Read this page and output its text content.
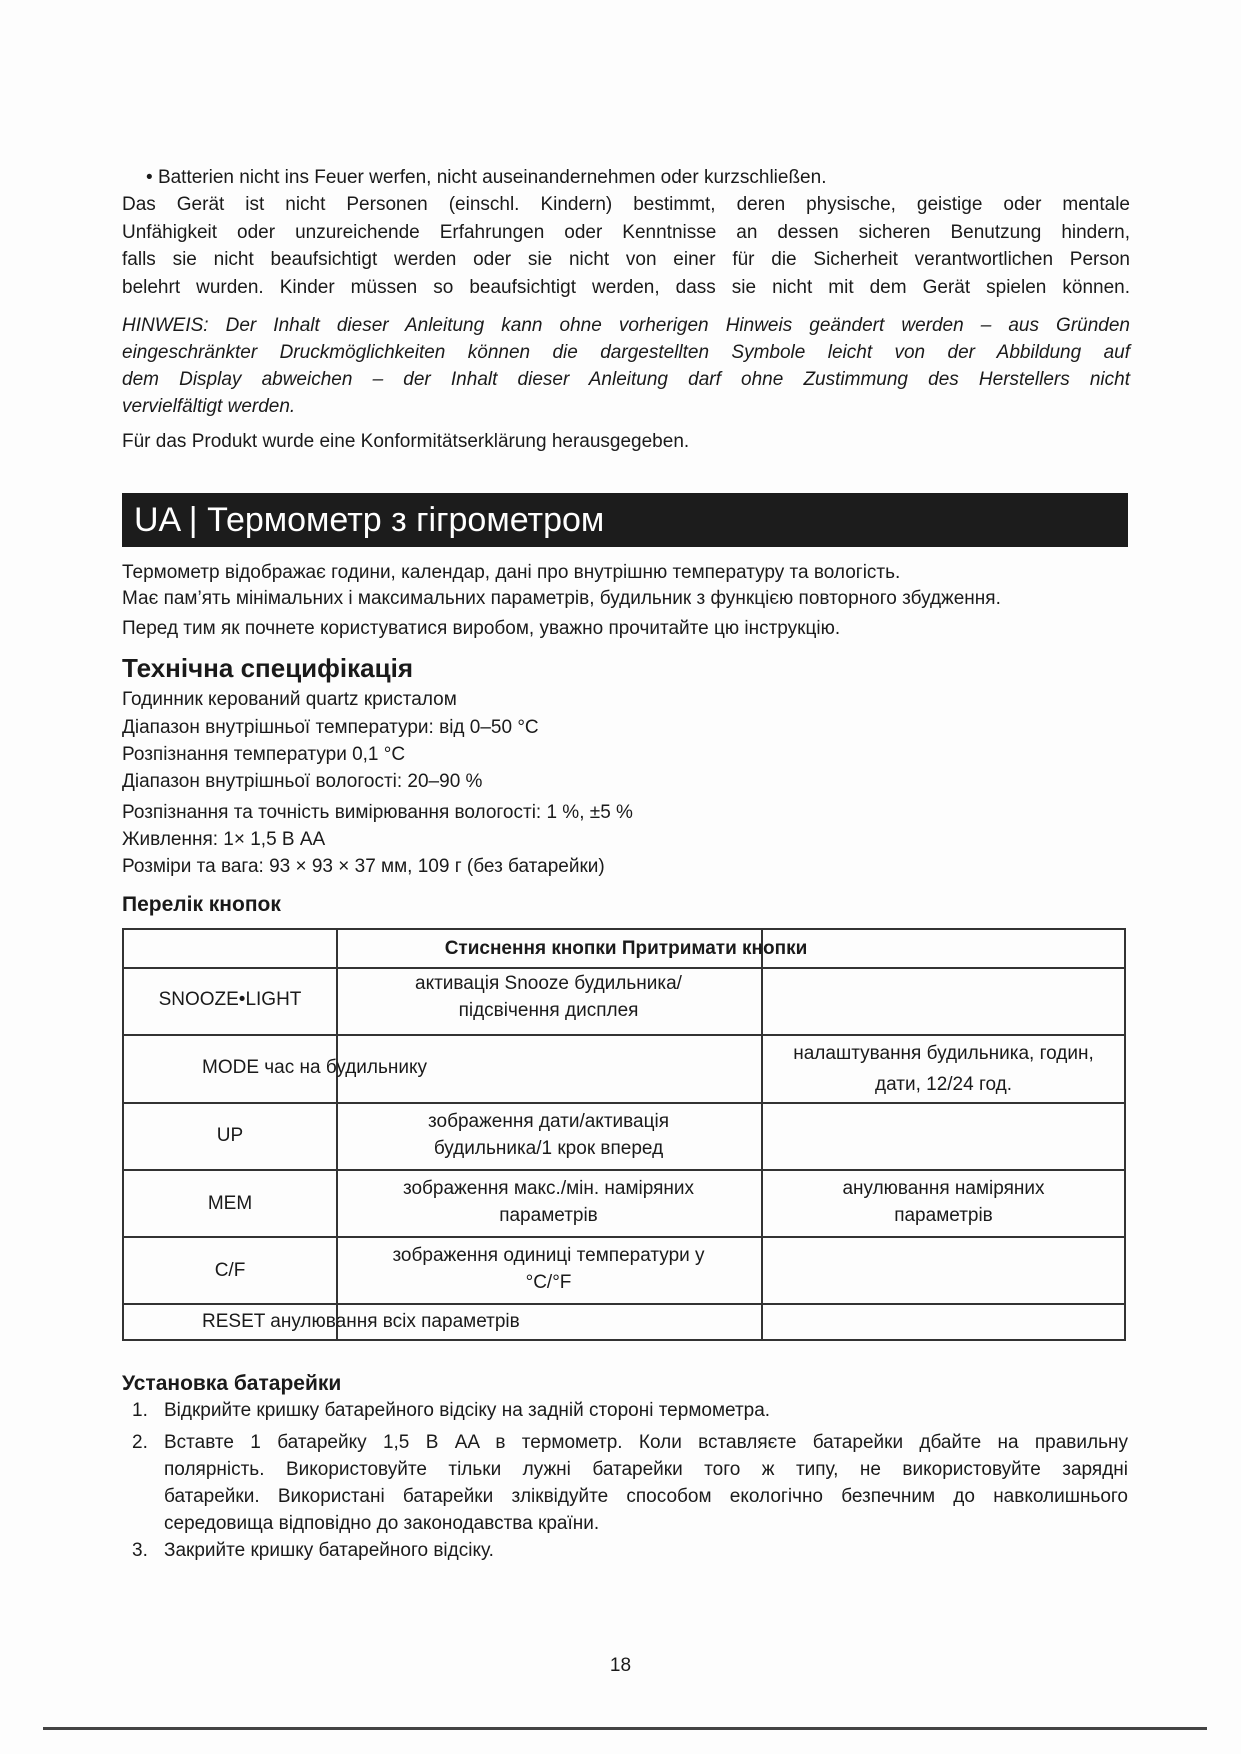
• Batterien nicht ins Feuer werfen, nicht auseinandernehmen oder kurzschließen.
Das Gerät ist nicht Personen (einschl. Kindern) bestimmt, deren physische, geistige oder mentale
Unfähigkeit oder unzureichende Erfahrungen oder Kenntnisse an dessen sicheren Benutzung hindern,
falls sie nicht beaufsichtigt werden oder sie nicht von einer für die Sicherheit verantwortlichen Person
belehrt wurden. Kinder müssen so beaufsichtigt werden, dass sie nicht mit dem Gerät spielen können.
HINWEIS: Der Inhalt dieser Anleitung kann ohne vorherigen Hinweis geändert werden – aus Gründen
eingeschränkter Druckmöglichkeiten können die dargestellten Symbole leicht von der Abbildung auf
dem Display abweichen – der Inhalt dieser Anleitung darf ohne Zustimmung des Herstellers nicht
vervielfältigt werden.
Für das Produkt wurde eine Konformitätserklärung herausgegeben.
UA | Термометр з гігрометром
Термометр відображає години, календар, дані про внутрішню температуру та вологість.
Має пам’ять мінімальних і максимальних параметрів, будильник з функцією повторного збудження.
Перед тим як почнете користуватися виробом, уважно прочитайте цю інструкцію.
Технічна специфікація
Годинник керований quartz кристалом
Діапазон внутрішньої температури: від 0–50 °C
Розпізнання температури 0,1 °C
Діапазон внутрішньої вологості: 20–90 %
Розпізнання та точність вимірювання вологості: 1 %, ±5 %
Живлення: 1× 1,5 В AA
Розміри та вага: 93 × 93 × 37 мм, 109 г (без батарейки)
Перелік кнопок
Стиснення кнопки Притримати кнопки
SNOOZE•LIGHT
активація Snooze будильника/
підсвічення дисплея
MODE час на будильнику
налаштування будильника, годин,
дати, 12/24 год.
UP
зображення дати/активація
будильника/1 крок вперед
MEM
зображення макс./мін. наміряних
параметрів
анулювання наміряних
параметрів
C/F
зображення одиниці температури у
°C/°F
RESET анулювання всіх параметрів
Установка батарейки
1. Відкрийте кришку батарейного відсіку на задній стороні термометра.
2. Вставте 1 батарейку 1,5 В AA в термометр. Коли вставляєте батарейки дбайте на правильну
полярність. Використовуйте тільки лужні батарейки того ж типу, не використовуйте зарядні
батарейки. Використані батарейки зліквідуйте способом екологічно безпечним до навколишнього
середовища відповідно до законодавства країни.
3. Закрийте кришку батарейного відсіку.
18
